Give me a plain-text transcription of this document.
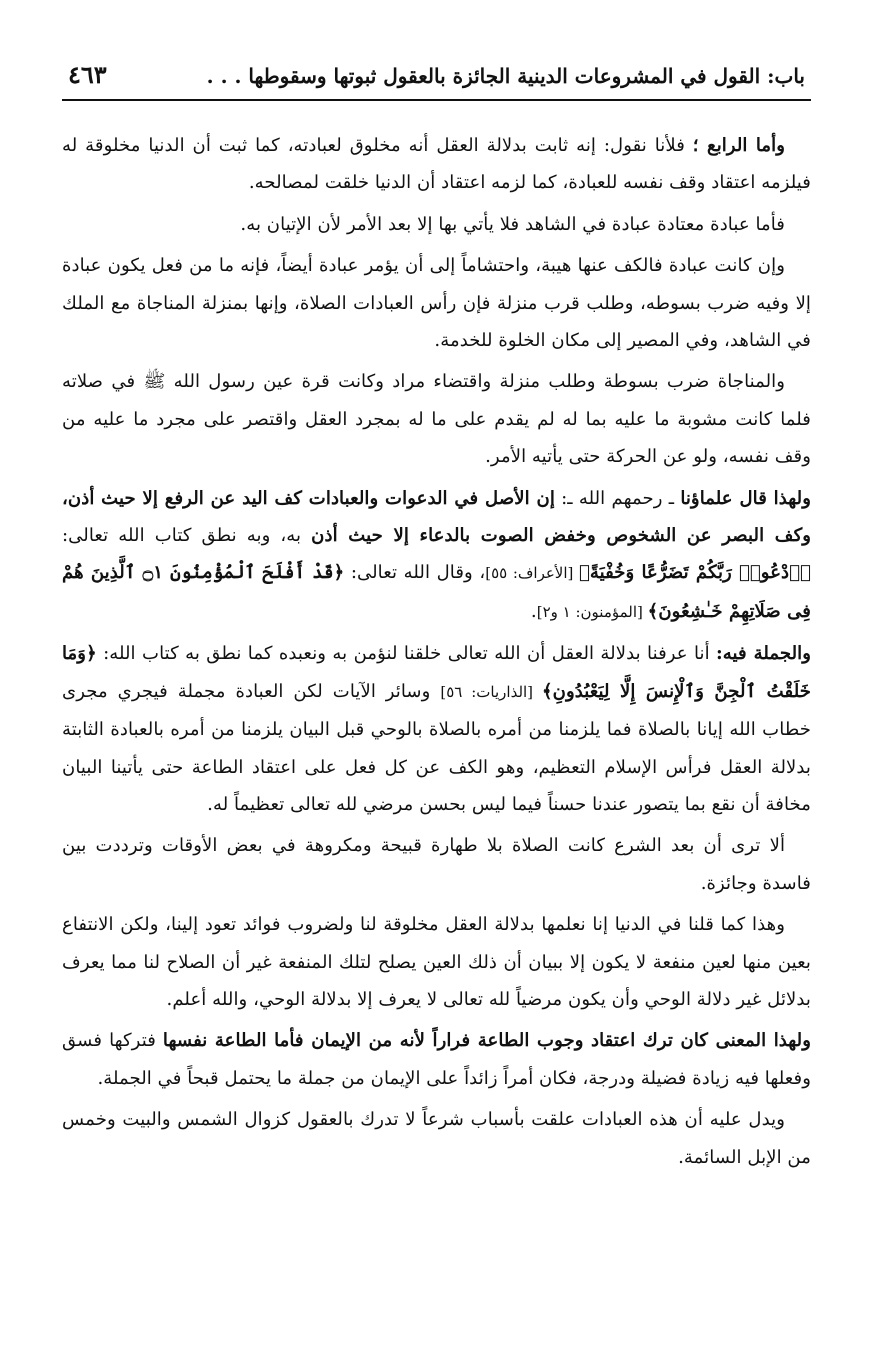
باب: القول في المشروعات الدينية الجائزة بالعقول ثبوتها وسقوطها . . .
٤٦٣

وأما الرابع ؛ فلأنا نقول: إنه ثابت بدلالة العقل أنه مخلوق لعبادته، كما ثبت أن الدنيا مخلوقة له فيلزمه اعتقاد وقف نفسه للعبادة، كما لزمه اعتقاد أن الدنيا خلقت لمصالحه.

فأما عبادة معتادة عبادة في الشاهد فلا يأتي بها إلا بعد الأمر لأن الإتيان به.

وإن كانت عبادة فالكف عنها هيبة، واحتشاماً إلى أن يؤمر عبادة أيضاً، فإنه ما من فعل يكون عبادة إلا وفيه ضرب بسوطه، وطلب قرب منزلة فإن رأس العبادات الصلاة، وإنها بمنزلة المناجاة مع الملك في الشاهد، وفي المصير إلى مكان الخلوة للخدمة.

والمناجاة ضرب بسوطة وطلب منزلة واقتضاء مراد وكانت قرة عين رسول الله ﷺ في صلاته فلما كانت مشوبة ما عليه بما له لم يقدم على ما له بمجرد العقل واقتصر على مجرد ما عليه من وقف نفسه، ولو عن الحركة حتى يأتيه الأمر.

ولهذا قال علماؤنا ـ رحمهم الله ـ: إن الأصل في الدعوات والعبادات كف اليد عن الرفع إلا حيث أذن، وكف البصر عن الشخوص وخفض الصوت بالدعاء إلا حيث أذن به، وبه نطق كتاب الله تعالى: ﴿ٱدْعُوا۟ رَبَّكُمْ تَضَرُّعًا وَخُفْيَةً﴾ [الأعراف: ٥٥]، وقال الله تعالى: ﴿قَدْ أَفْلَحَ ٱلْمُؤْمِنُونَ ۝١ ٱلَّذِينَ هُمْ فِى صَلَاتِهِمْ خَـٰشِعُونَ﴾ [المؤمنون: ١ و٢].

والجملة فيه: أنا عرفنا بدلالة العقل أن الله تعالى خلقنا لنؤمن به ونعبده كما نطق به كتاب الله: ﴿وَمَا خَلَقْتُ ٱلْجِنَّ وَٱلْإِنسَ إِلَّا لِيَعْبُدُونِ﴾ [الذاريات: ٥٦] وسائر الآيات لكن العبادة مجملة فيجري مجرى خطاب الله إيانا بالصلاة فما يلزمنا من أمره بالصلاة بالوحي قبل البيان يلزمنا من أمره بالعبادة الثابتة بدلالة العقل فرأس الإسلام التعظيم، وهو الكف عن كل فعل على اعتقاد الطاعة حتى يأتينا البيان مخافة أن نقع بما يتصور عندنا حسناً فيما ليس بحسن مرضي لله تعالى تعظيماً له.

ألا ترى أن بعد الشرع كانت الصلاة بلا طهارة قبيحة ومكروهة في بعض الأوقات وترددت بين فاسدة وجائزة.

وهذا كما قلنا في الدنيا إنا نعلمها بدلالة العقل مخلوقة لنا ولضروب فوائد تعود إلينا، ولكن الانتفاع بعين منها لعين منفعة لا يكون إلا ببيان أن ذلك العين يصلح لتلك المنفعة غير أن الصلاح لنا مما يعرف بدلائل غير دلالة الوحي وأن يكون مرضياً لله تعالى لا يعرف إلا بدلالة الوحي، والله أعلم.

ولهذا المعنى كان ترك اعتقاد وجوب الطاعة فراراً لأنه من الإيمان فأما الطاعة نفسها فتركها فسق وفعلها فيه زيادة فضيلة ودرجة، فكان أمراً زائداً على الإيمان من جملة ما يحتمل قبحاً في الجملة.

ويدل عليه أن هذه العبادات علقت بأسباب شرعاً لا تدرك بالعقول كزوال الشمس والبيت وخمس من الإبل السائمة.
